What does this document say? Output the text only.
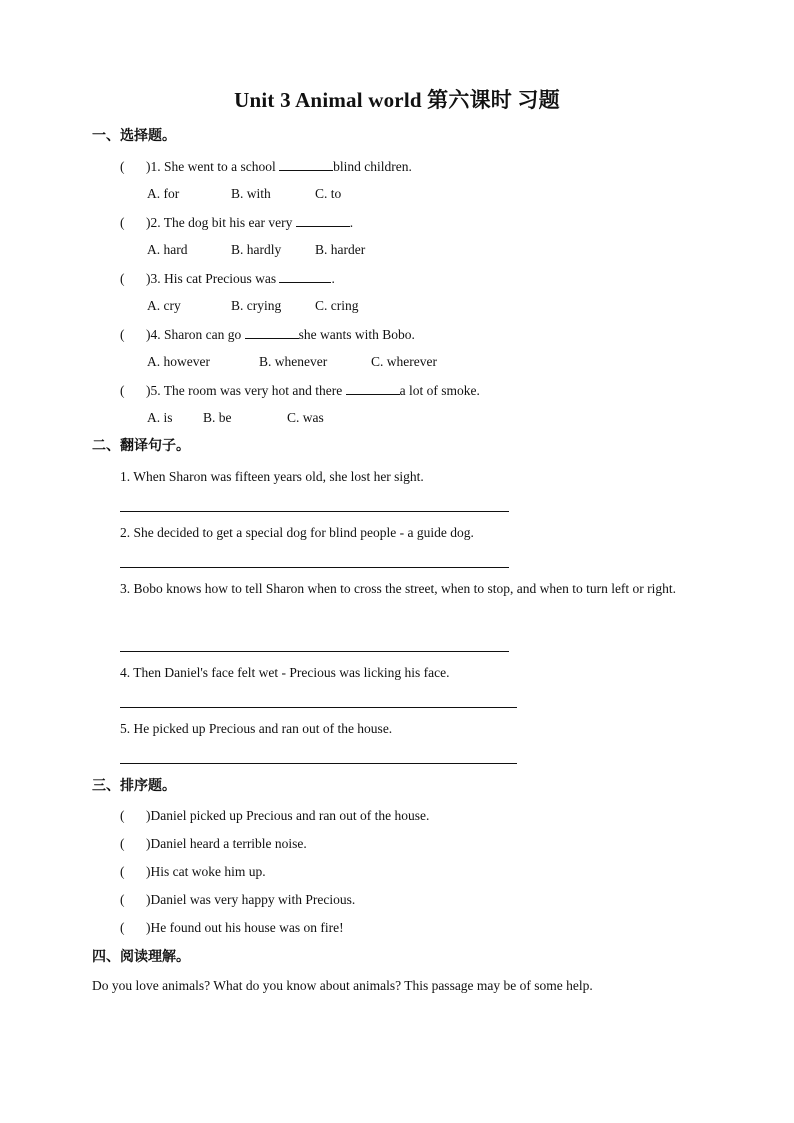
Unit 3 Animal world 第六课时 习题
一、选择题。
( )1. She went to a school	blind children.
A. for	B. with	C. to
( )2. The dog bit his ear very	.
A. hard	B. hardly	B. harder
( )3. His cat Precious was	.
A. cry	B. crying	C. cring
( )4. Sharon can go	she wants with Bobo.
A. however	B. whenever	C. wherever
( )5. The room was very hot and there	a lot of smoke.
A. is B. be	C. was
二、翻译句子。
1. When Sharon was fifteen years old, she lost her sight.
2. She decided to get a special dog for blind people - a guide dog.
3. Bobo knows how to tell Sharon when to cross the street, when to stop, and when to turn left or right.
4. Then Daniel's face felt wet - Precious was licking his face.
5. He picked up Precious and ran out of the house.
三、排序题。
( )Daniel picked up Precious and ran out of the house.
( )Daniel heard a terrible noise.
( )His cat woke him up.
( )Daniel was very happy with Precious.
( )He found out his house was on fire!
四、阅读理解。
Do you love animals? What do you know about animals? This passage may be of some help.
